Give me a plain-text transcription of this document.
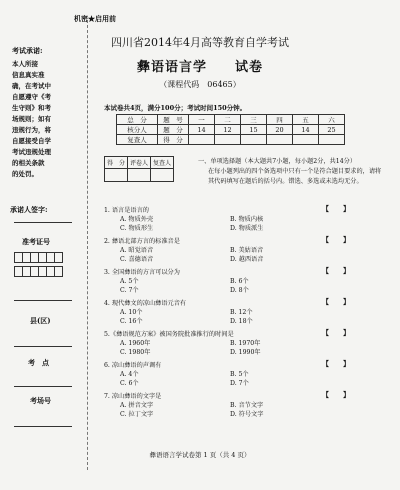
考试承诺:
本人所接
信息真实准
确，在考试中
自愿遵守《考
生守则》和考
场规则；如有
违规行为，将
自愿接受自学
考试违规处理
的相关条款
的处罚。
承诺人签字:
准考证号
县(区)
考　点
考场号
机密★启用前
四川省2014年4月高等教育自学考试
彝语语言学　　试卷
（课程代码　06465）
本试卷共4页，满分100分；考试时间150分钟。
总　分	题　号	一	二	三	四	五	六
核分人	题　分	14	12	15	20	14	25
复查人	得　分						
得　分	评卷人	复查人
			一、单项选择题（本大题共7小题，每小题2分，共14分）
在每小题列出的四个备选项中只有一个是符合题目要求的，请将其代码填写在题后的括号内。错选、多选或未选均无分。
1. 语言是语言的	【　　】
A. 物质外壳	B. 物质内核
C. 物质形生	D. 物质派生
2. 彝语北部方言的标准音是	【　　】
A. 昭觉语音	B. 美姑语音
C. 喜德语音	D. 越西语音
3. 全国彝语的方言可以分为	【　　】
A. 5个	B. 6个
C. 7个	D. 8个
4. 现代彝文的凉山彝语元音有	【　　】
A. 10个	B. 12个
C. 16个	D. 18个
5.《彝语规范方案》被国务院批准推行的时间是	【　　】
A. 1960年	B. 1970年
C. 1980年	D. 1990年
6. 凉山彝语的声调有	【　　】
A. 4个	B. 5个
C. 6个	D. 7个
7. 凉山彝语的文字是	【　　】
A. 拼音文字	B. 音节文字
C. 拉丁文字	D. 符号文字
彝语语言学试卷第 1 页（共 4 页）
